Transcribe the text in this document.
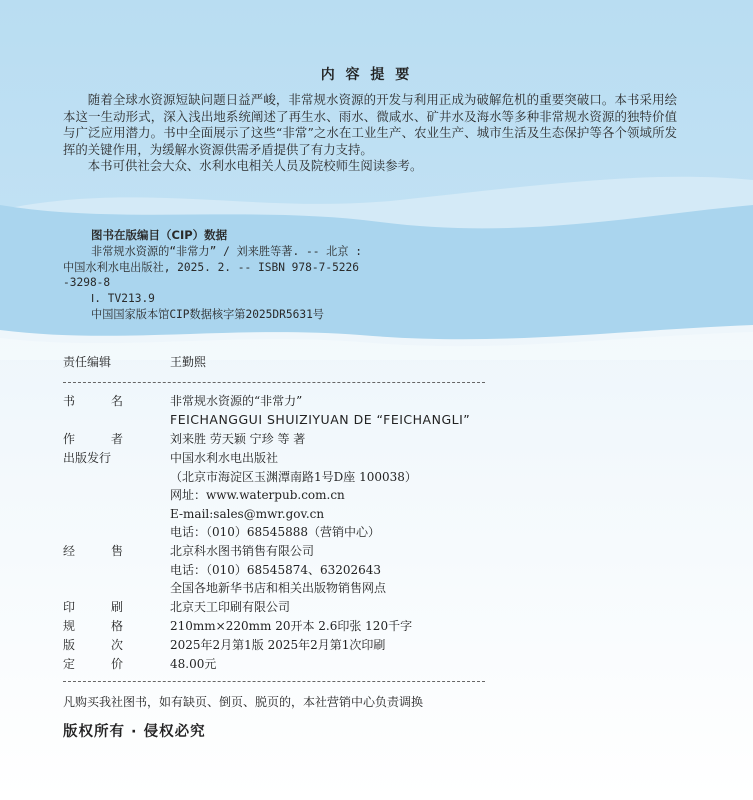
内 容 提 要

随着全球水资源短缺问题日益严峻，非常规水资源的开发与利用正成为破解危机的重要突破口。本书采用绘本这一生动形式，深入浅出地系统阐述了再生水、雨水、微咸水、矿井水及海水等多种非常规水资源的独特价值与广泛应用潜力。书中全面展示了这些“非常”之水在工业生产、农业生产、城市生活及生态保护等各个领域所发挥的关键作用，为缓解水资源供需矛盾提供了有力支持。

本书可供社会大众、水利水电相关人员及院校师生阅读参考。

图书在版编目（CIP）数据
非常规水资源的“非常力” / 刘来胜等著. -- 北京 :
中国水利水电出版社, 2025. 2. -- ISBN 978-7-5226
-3298-8
Ⅰ. TV213.9
中国国家版本馆CIP数据核字第2025DR5631号
责任编辑	王勤熙
书	名	非常规水资源的“非常力”
FEICHANGGUI SHUIZIYUAN DE “FEICHANGLI”
作	者	刘来胜 劳天颖 宁珍 等 著
出版发行	中国水利水电出版社
（北京市海淀区玉渊潭南路1号D座 100038）
网址：www.waterpub.com.cn
E-mail:sales@mwr.gov.cn
电话：（010）68545888（营销中心）
经	售	北京科水图书销售有限公司
电话：（010）68545874、63202643
全国各地新华书店和相关出版物销售网点
印	刷	北京天工印刷有限公司
规	格	210mm×220mm 20开本 2.6印张 120千字
版	次	2025年2月第1版 2025年2月第1次印刷
定	价	48.00元
凡购买我社图书，如有缺页、倒页、脱页的，本社营销中心负责调换
版权所有 · 侵权必究
